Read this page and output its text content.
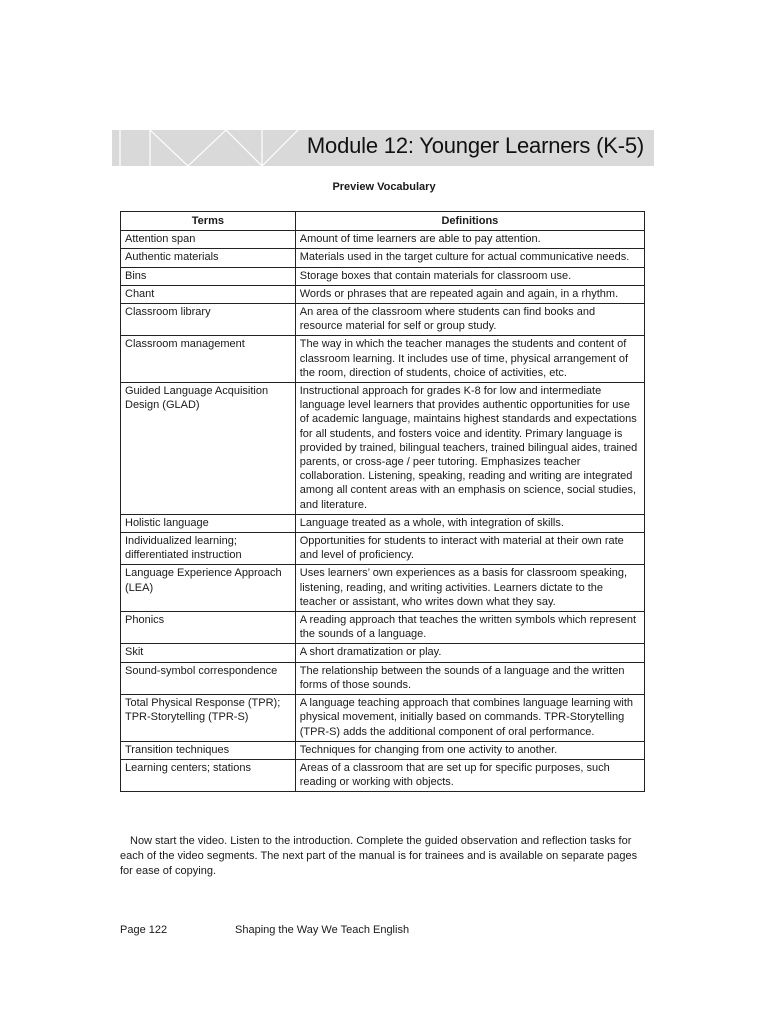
Module 12: Younger Learners (K-5)
Preview Vocabulary
Terms	Definitions
Attention span	Amount of time learners are able to pay attention.
Authentic materials	Materials used in the target culture for actual communicative needs.
Bins	Storage boxes that contain materials for classroom use.
Chant	Words or phrases that are repeated again and again, in a rhythm.
Classroom library	An area of the classroom where students can find books and resource material for self or group study.
Classroom management	The way in which the teacher manages the students and content of classroom learning. It includes use of time, physical arrangement of the room, direction of students, choice of activities, etc.
Guided Language Acquisition Design (GLAD)	Instructional approach for grades K-8 for low and intermediate language level learners that provides authentic opportunities for use of academic language, maintains highest standards and expectations for all students, and fosters voice and identity. Primary language is provided by trained, bilingual teachers, trained bilingual aides, trained parents, or cross-age / peer tutoring. Emphasizes teacher collaboration. Listening, speaking, reading and writing are integrated among all content areas with an emphasis on science, social studies, and literature.
Holistic language	Language treated as a whole, with integration of skills.
Individualized learning; differentiated instruction	Opportunities for students to interact with material at their own rate and level of proficiency.
Language Experience Approach (LEA)	Uses learners’ own experiences as a basis for classroom speaking, listening, reading, and writing activities. Learners dictate to the teacher or assistant, who writes down what they say.
Phonics	A reading approach that teaches the written symbols which represent the sounds of a language.
Skit	A short dramatization or play.
Sound-symbol correspondence	The relationship between the sounds of a language and the written forms of those sounds.
Total Physical Response (TPR); TPR-Storytelling (TPR-S)	A language teaching approach that combines language learning with physical movement, initially based on commands. TPR-Storytelling (TPR-S) adds the additional component of oral performance.
Transition techniques	Techniques for changing from one activity to another.
Learning centers; stations	Areas of a classroom that are set up for specific purposes, such reading or working with objects.

Now start the video. Listen to the introduction. Complete the guided observation and reflection tasks for each of the video segments. The next part of the manual is for trainees and is available on separate pages for ease of copying.

Page 122	Shaping the Way We Teach English
